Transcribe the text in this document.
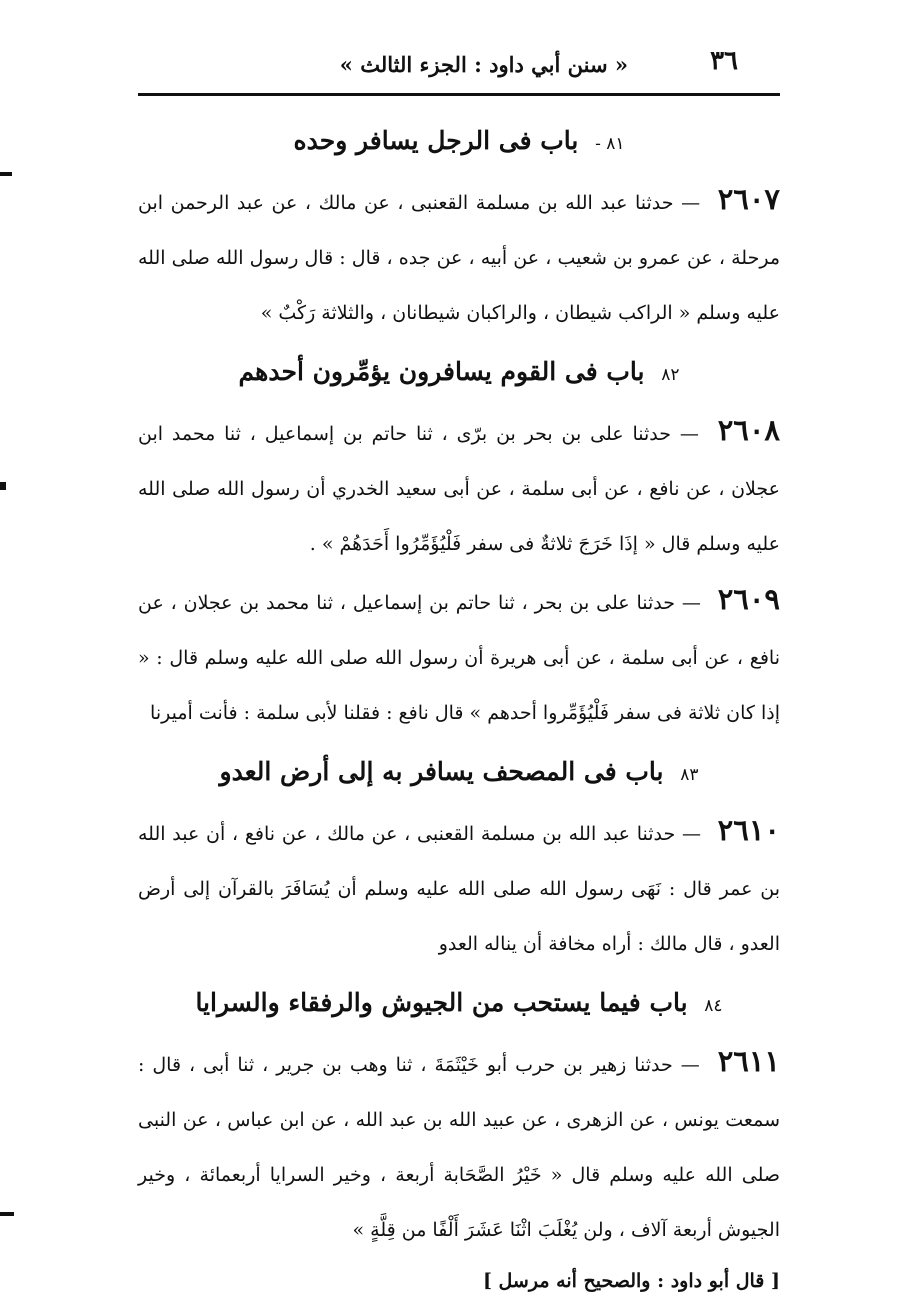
٣٦
« سنن أبي داود : الجزء الثالث »
٨١ - باب فى الرجل يسافر وحده

٢٦٠٧ — حدثنا عبد الله بن مسلمة القعنبى ، عن مالك ، عن عبد الرحمن ابن مرحلة ، عن عمرو بن شعيب ، عن أبيه ، عن جده ، قال : قال رسول الله صلى الله عليه وسلم « الراكب شيطان ، والراكبان شيطانان ، والثلاثة رَكْبٌ »

٨٢ باب فى القوم يسافرون يؤمِّرون أحدهم

٢٦٠٨ — حدثنا على بن بحر بن برّى ، ثنا حاتم بن إسماعيل ، ثنا محمد ابن عجلان ، عن نافع ، عن أبى سلمة ، عن أبى سعيد الخدري أن رسول الله صلى الله عليه وسلم قال « إذَا خَرَجَ ثلاثةٌ فى سفر فَلْيُؤَمِّرُوا أَحَدَهُمْ » .

٢٦٠٩ — حدثنا على بن بحر ، ثنا حاتم بن إسماعيل ، ثنا محمد بن عجلان ، عن نافع ، عن أبى سلمة ، عن أبى هريرة أن رسول الله صلى الله عليه وسلم قال : « إذا كان ثلاثة فى سفر فَلْيُؤَمِّروا أحدهم » قال نافع : فقلنا لأبى سلمة : فأنت أميرنا

٨٣ باب فى المصحف يسافر به إلى أرض العدو

٢٦١٠ — حدثنا عبد الله بن مسلمة القعنبى ، عن مالك ، عن نافع ، أن عبد الله بن عمر قال : نَهَى رسول الله صلى الله عليه وسلم أن يُسَافَرَ بالقرآن إلى أرض العدو ، قال مالك : أراه مخافة أن يناله العدو

٨٤ باب فيما يستحب من الجيوش والرفقاء والسرايا

٢٦١١ — حدثنا زهير بن حرب أبو خَيْثَمَةَ ، ثنا وهب بن جرير ، ثنا أبى ، قال : سمعت يونس ، عن الزهرى ، عن عبيد الله بن عبد الله ، عن ابن عباس ، عن النبى صلى الله عليه وسلم قال « خَيْرُ الصَّحَابة أربعة ، وخير السرايا أربعمائة ، وخير الجيوش أربعة آلاف ، ولن يُغْلَبَ اثْنَا عَشَرَ أَلْفًا من قِلَّةٍ »

[ قال أبو داود : والصحيح أنه مرسل ]
